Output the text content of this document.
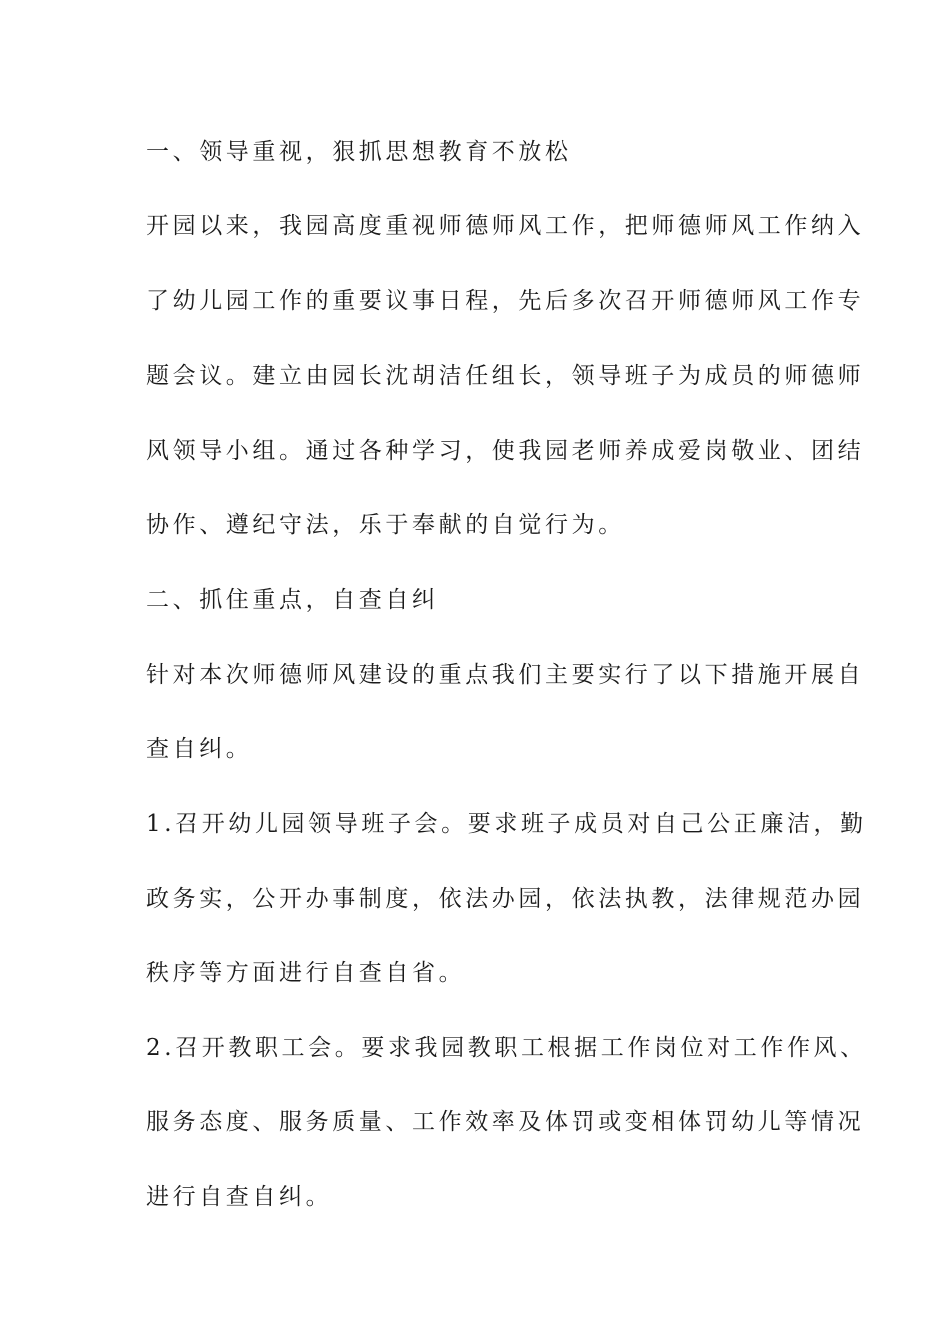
一、领导重视，狠抓思想教育不放松

开园以来，我园高度重视师德师风工作，把师德师风工作纳入

了幼儿园工作的重要议事日程，先后多次召开师德师风工作专

题会议。建立由园长沈胡洁任组长，领导班子为成员的师德师

风领导小组。通过各种学习，使我园老师养成爱岗敬业、团结

协作、遵纪守法，乐于奉献的自觉行为。

二、抓住重点，自查自纠

针对本次师德师风建设的重点我们主要实行了以下措施开展自

查自纠。

1.召开幼儿园领导班子会。要求班子成员对自己公正廉洁，勤

政务实，公开办事制度，依法办园，依法执教，法律规范办园

秩序等方面进行自查自省。

2.召开教职工会。要求我园教职工根据工作岗位对工作作风、

服务态度、服务质量、工作效率及体罚或变相体罚幼儿等情况

进行自查自纠。
